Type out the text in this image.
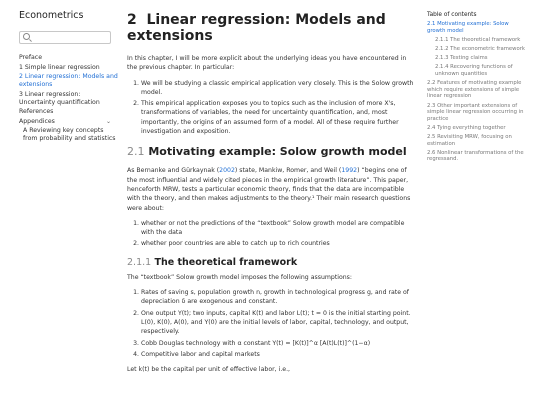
Econometrics
Preface
1 Simple linear regression
2 Linear regression: Models and extensions
3 Linear regression: Uncertainty quantification
References
Appendices	⌄
A Reviewing key concepts from probability and statistics
2 Linear regression: Models and extensions

In this chapter, I will be more explicit about the underlying ideas you have encountered in the previous chapter. In particular:

1. We will be studying a classic empirical application very closely. This is the Solow growth model.
2. This empirical application exposes you to topics such as the inclusion of more X's, transformations of variables, the need for uncertainty quantification, and, most importantly, the origins of an assumed form of a model. All of these require further investigation and exposition.
2.1 Motivating example: Solow growth model

As Bernanke and Gürkaynak (2002) state, Mankiw, Romer, and Weil (1992) “begins one of the most influential and widely cited pieces in the empirical growth literature”. This paper, henceforth MRW, tests a particular economic theory, finds that the data are incompatible with the theory, and then makes adjustments to the theory.¹ Their main research questions were about:

1. whether or not the predictions of the “textbook” Solow growth model are compatible with the data
2. whether poor countries are able to catch up to rich countries
2.1.1 The theoretical framework

The “textbook” Solow growth model imposes the following assumptions:

1. Rates of saving s, population growth n, growth in technological progress g, and rate of depreciation δ are exogenous and constant.
2. One output Y(t); two inputs, capital K(t) and labor L(t); t = 0 is the initial starting point. L(0), K(0), A(0), and Y(0) are the initial levels of labor, capital, technology, and output, respectively.
3. Cobb Douglas technology with α constant Y(t) = [K(t)]^α [A(t)L(t)]^(1−α)
4. Competitive labor and capital markets

Let k(t) be the capital per unit of effective labor, i.e.,

Table of contents
2.1 Motivating example: Solow growth model
2.1.1 The theoretical framework
2.1.2 The econometric framework
2.1.3 Testing claims
2.1.4 Recovering functions of unknown quantities
2.2 Features of motivating example which require extensions of simple linear regression
2.3 Other important extensions of simple linear regression occurring in practice
2.4 Tying everything together
2.5 Revisiting MRW, focusing on estimation
2.6 Nonlinear transformations of the regressand.
